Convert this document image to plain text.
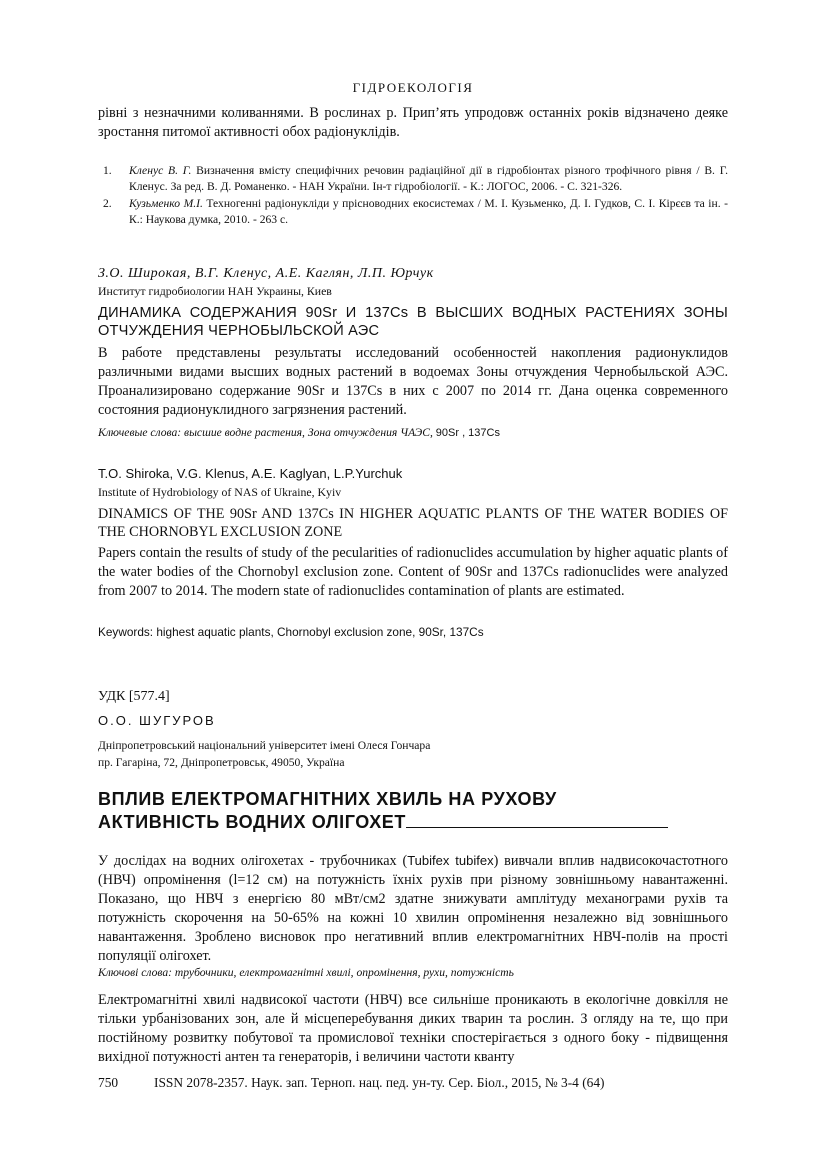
ГІДРОЕКОЛОГІЯ
рівні з незначними коливаннями. В рослинах р. Прип’ять упродовж останніх років відзначено деяке зростання питомої активності обох радіонуклідів.
1. Кленус В. Г. Визначення вмісту специфічних речовин радіаційної дії в гідробіонтах різного трофічного рівня / В. Г. Кленус. За ред. В. Д. Романенко. - НАН України. Ін-т гідробіології. - К.: ЛОГОС, 2006. - С. 321-326.
2. Кузьменко М.І. Техногенні радіонукліди у прісноводних екосистемах / М. І. Кузьменко, Д. І. Гудков, С. І. Кірєєв та ін. - К.: Наукова думка, 2010. - 263 с.
З.О. Широкая, В.Г. Кленус, А.Е. Каглян, Л.П. Юрчук
Институт гидробиологии НАН Украины, Киев
ДИНАМИКА СОДЕРЖАНИЯ 90Sr И 137Cs В ВЫСШИХ ВОДНЫХ РАСТЕНИЯХ ЗОНЫ ОТЧУЖДЕНИЯ ЧЕРНОБЫЛЬСКОЙ АЭС
В работе представлены результаты исследований особенностей накопления радионуклидов различными видами высших водных растений в водоемах Зоны отчуждения Чернобыльской АЭС. Проанализировано содержание 90Sr и 137Cs в них с 2007 по 2014 гг. Дана оценка современного состояния радионуклидного загрязнения растений.
Ключевые слова: высшие водне растения, Зона отчуждения ЧАЭС, 90Sr , 137Cs
T.O. Shiroka, V.G. Klenus, A.E. Kaglyan, L.P.Yurchuk
Institute of Hydrobiology of NAS of Ukraine, Kyiv
DINAMICS OF THE 90Sr AND 137Cs IN HIGHER AQUATIC PLANTS OF THE WATER BODIES OF THE CHORNOBYL EXCLUSION ZONE
Papers contain the results of study of the pecularities of radionuclides accumulation by higher aquatic plants of the water bodies of the Chornobyl exclusion zone. Content of 90Sr and 137Cs radionuclides were analyzed from 2007 to 2014. The modern state of radionuclides contamination of plants are estimated.
Keywords: highest aquatic plants, Chornobyl exclusion zone, 90Sr, 137Cs
УДК [577.4]
О.О. ШУГУРОВ
Дніпропетровський національний університет імені Олеся Гончара
пр. Гагаріна, 72, Дніпропетровськ, 49050, Україна
ВПЛИВ ЕЛЕКТРОМАГНІТНИХ ХВИЛЬ НА РУХОВУ
АКТИВНІСТЬ ВОДНИХ ОЛІГОХЕТ
У дослідах на водних олігохетах - трубочниках (Tubifex tubifex) вивчали вплив надвисокочастотного (НВЧ) опромінення (l=12 см) на потужність їхніх рухів при різному зовнішньому навантаженні. Показано, що НВЧ з енергією 80 мВт/см2 здатне знижувати амплітуду механограми рухів та потужність скорочення на 50-65% на кожні 10 хвилин опромінення незалежно від зовнішнього навантаження. Зроблено висновок про негативний вплив електромагнітних НВЧ-полів на прості популяції олігохет.
Ключові слова: трубочники, електромагнітні хвилі, опромінення, рухи, потужність
Електромагнітні хвилі надвисокої частоти (НВЧ) все сильніше проникають в екологічне довкілля не тільки урбанізованих зон, але й місцеперебування диких тварин та рослин. З огляду на те, що при постійному розвитку побутової та промислової техніки спостерігається з одного боку - підвищення вихідної потужності антен та генераторів, і величини частоти кванту
750	ISSN 2078-2357. Наук. зап. Терноп. нац. пед. ун-ту. Сер. Біол., 2015, № 3-4 (64)
